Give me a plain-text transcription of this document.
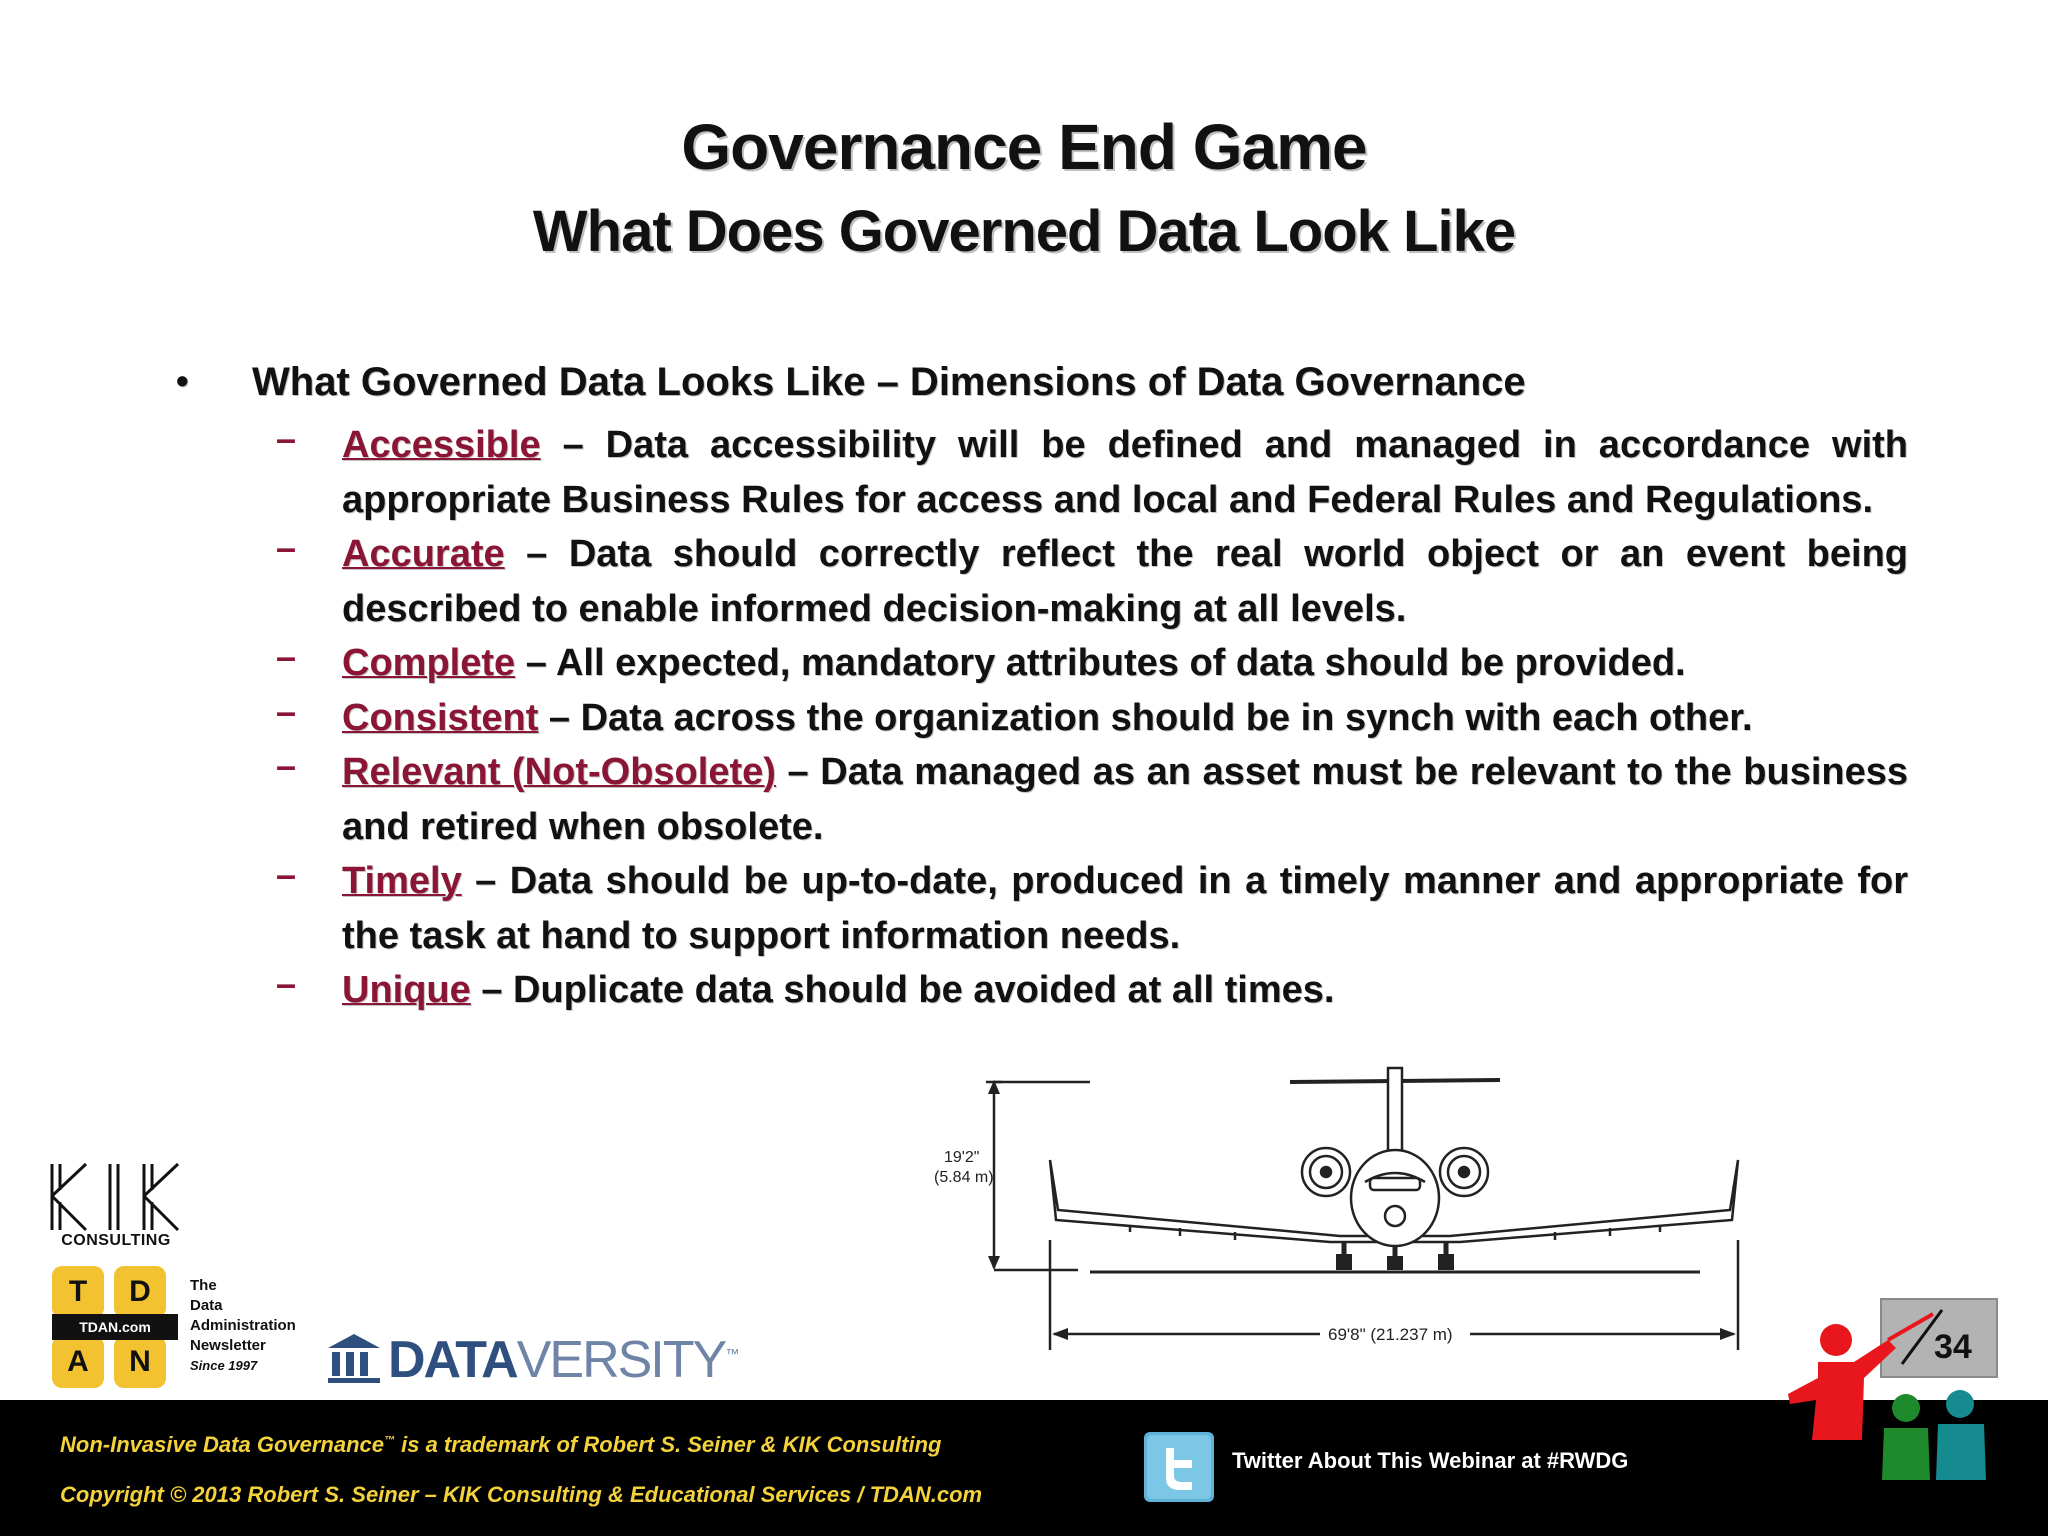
Governance End Game
What Does Governed Data Look Like
• What Governed Data Looks Like – Dimensions of Data Governance
– Accessible – Data accessibility will be defined and managed in accordance with appropriate Business Rules for access and local and Federal Rules and Regulations.
– Accurate – Data should correctly reflect the real world object or an event being described to enable informed decision-making at all levels.
– Complete – All expected, mandatory attributes of data should be provided.
– Consistent – Data across the organization should be in synch with each other.
– Relevant (Not-Obsolete) – Data managed as an asset must be relevant to the business and retired when obsolete.
– Timely – Data should be up-to-date, produced in a timely manner and appropriate for the task at hand to support information needs.
– Unique – Duplicate data should be avoided at all times.
19'2"
(5.84 m)
69'8" (21.237 m)
CONSULTING
T	D
A	N
TDAN.com
The
Data
Administration
Newsletter
Since 1997	DATAVERSITY™	34
Non-Invasive Data Governance™ is a trademark of Robert S. Seiner & KIK Consulting
Copyright © 2013 Robert S. Seiner – KIK Consulting & Educational Services / TDAN.com
Twitter About This Webinar at #RWDG
